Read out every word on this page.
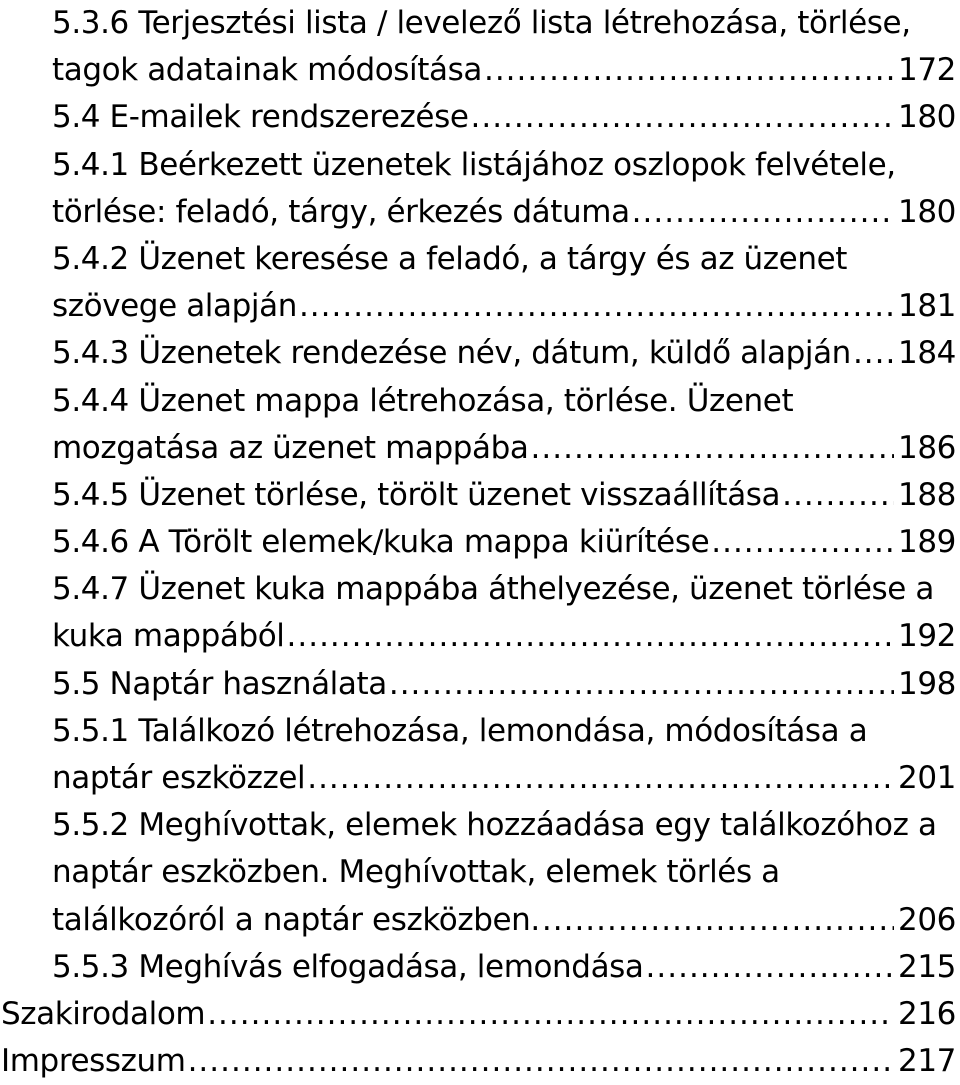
5.3.6 Terjesztési lista / levelező lista létrehozása, törlése,
tagok adatainak módosítása .....	172
5.4 E-mailek rendszerezése .....	180
5.4.1 Beérkezett üzenetek listájához oszlopok felvétele,
törlése: feladó, tárgy, érkezés dátuma .....	180
5.4.2 Üzenet keresése a feladó, a tárgy és az üzenet
szövege alapján .....	181
5.4.3 Üzenetek rendezése név, dátum, küldő alapján ..... 184
5.4.4 Üzenet mappa létrehozása, törlése. Üzenet
mozgatása az üzenet mappába .....	186
5.4.5 Üzenet törlése, törölt üzenet visszaállítása .....	188
5.4.6 A Törölt elemek/kuka mappa kiürítése .....	189
5.4.7 Üzenet kuka mappába áthelyezése, üzenet törlése a
kuka mappából .....	192
5.5 Naptár használata .....	198
5.5.1 Találkozó létrehozása, lemondása, módosítása a
naptár eszközzel .....	201
5.5.2 Meghívottak, elemek hozzáadása egy találkozóhoz a
naptár eszközben. Meghívottak, elemek törlés a
találkozóról a naptár eszközben. .....	206
5.5.3 Meghívás elfogadása, lemondása .....	215
Szakirodalom .....	216
Impresszum .....	217
